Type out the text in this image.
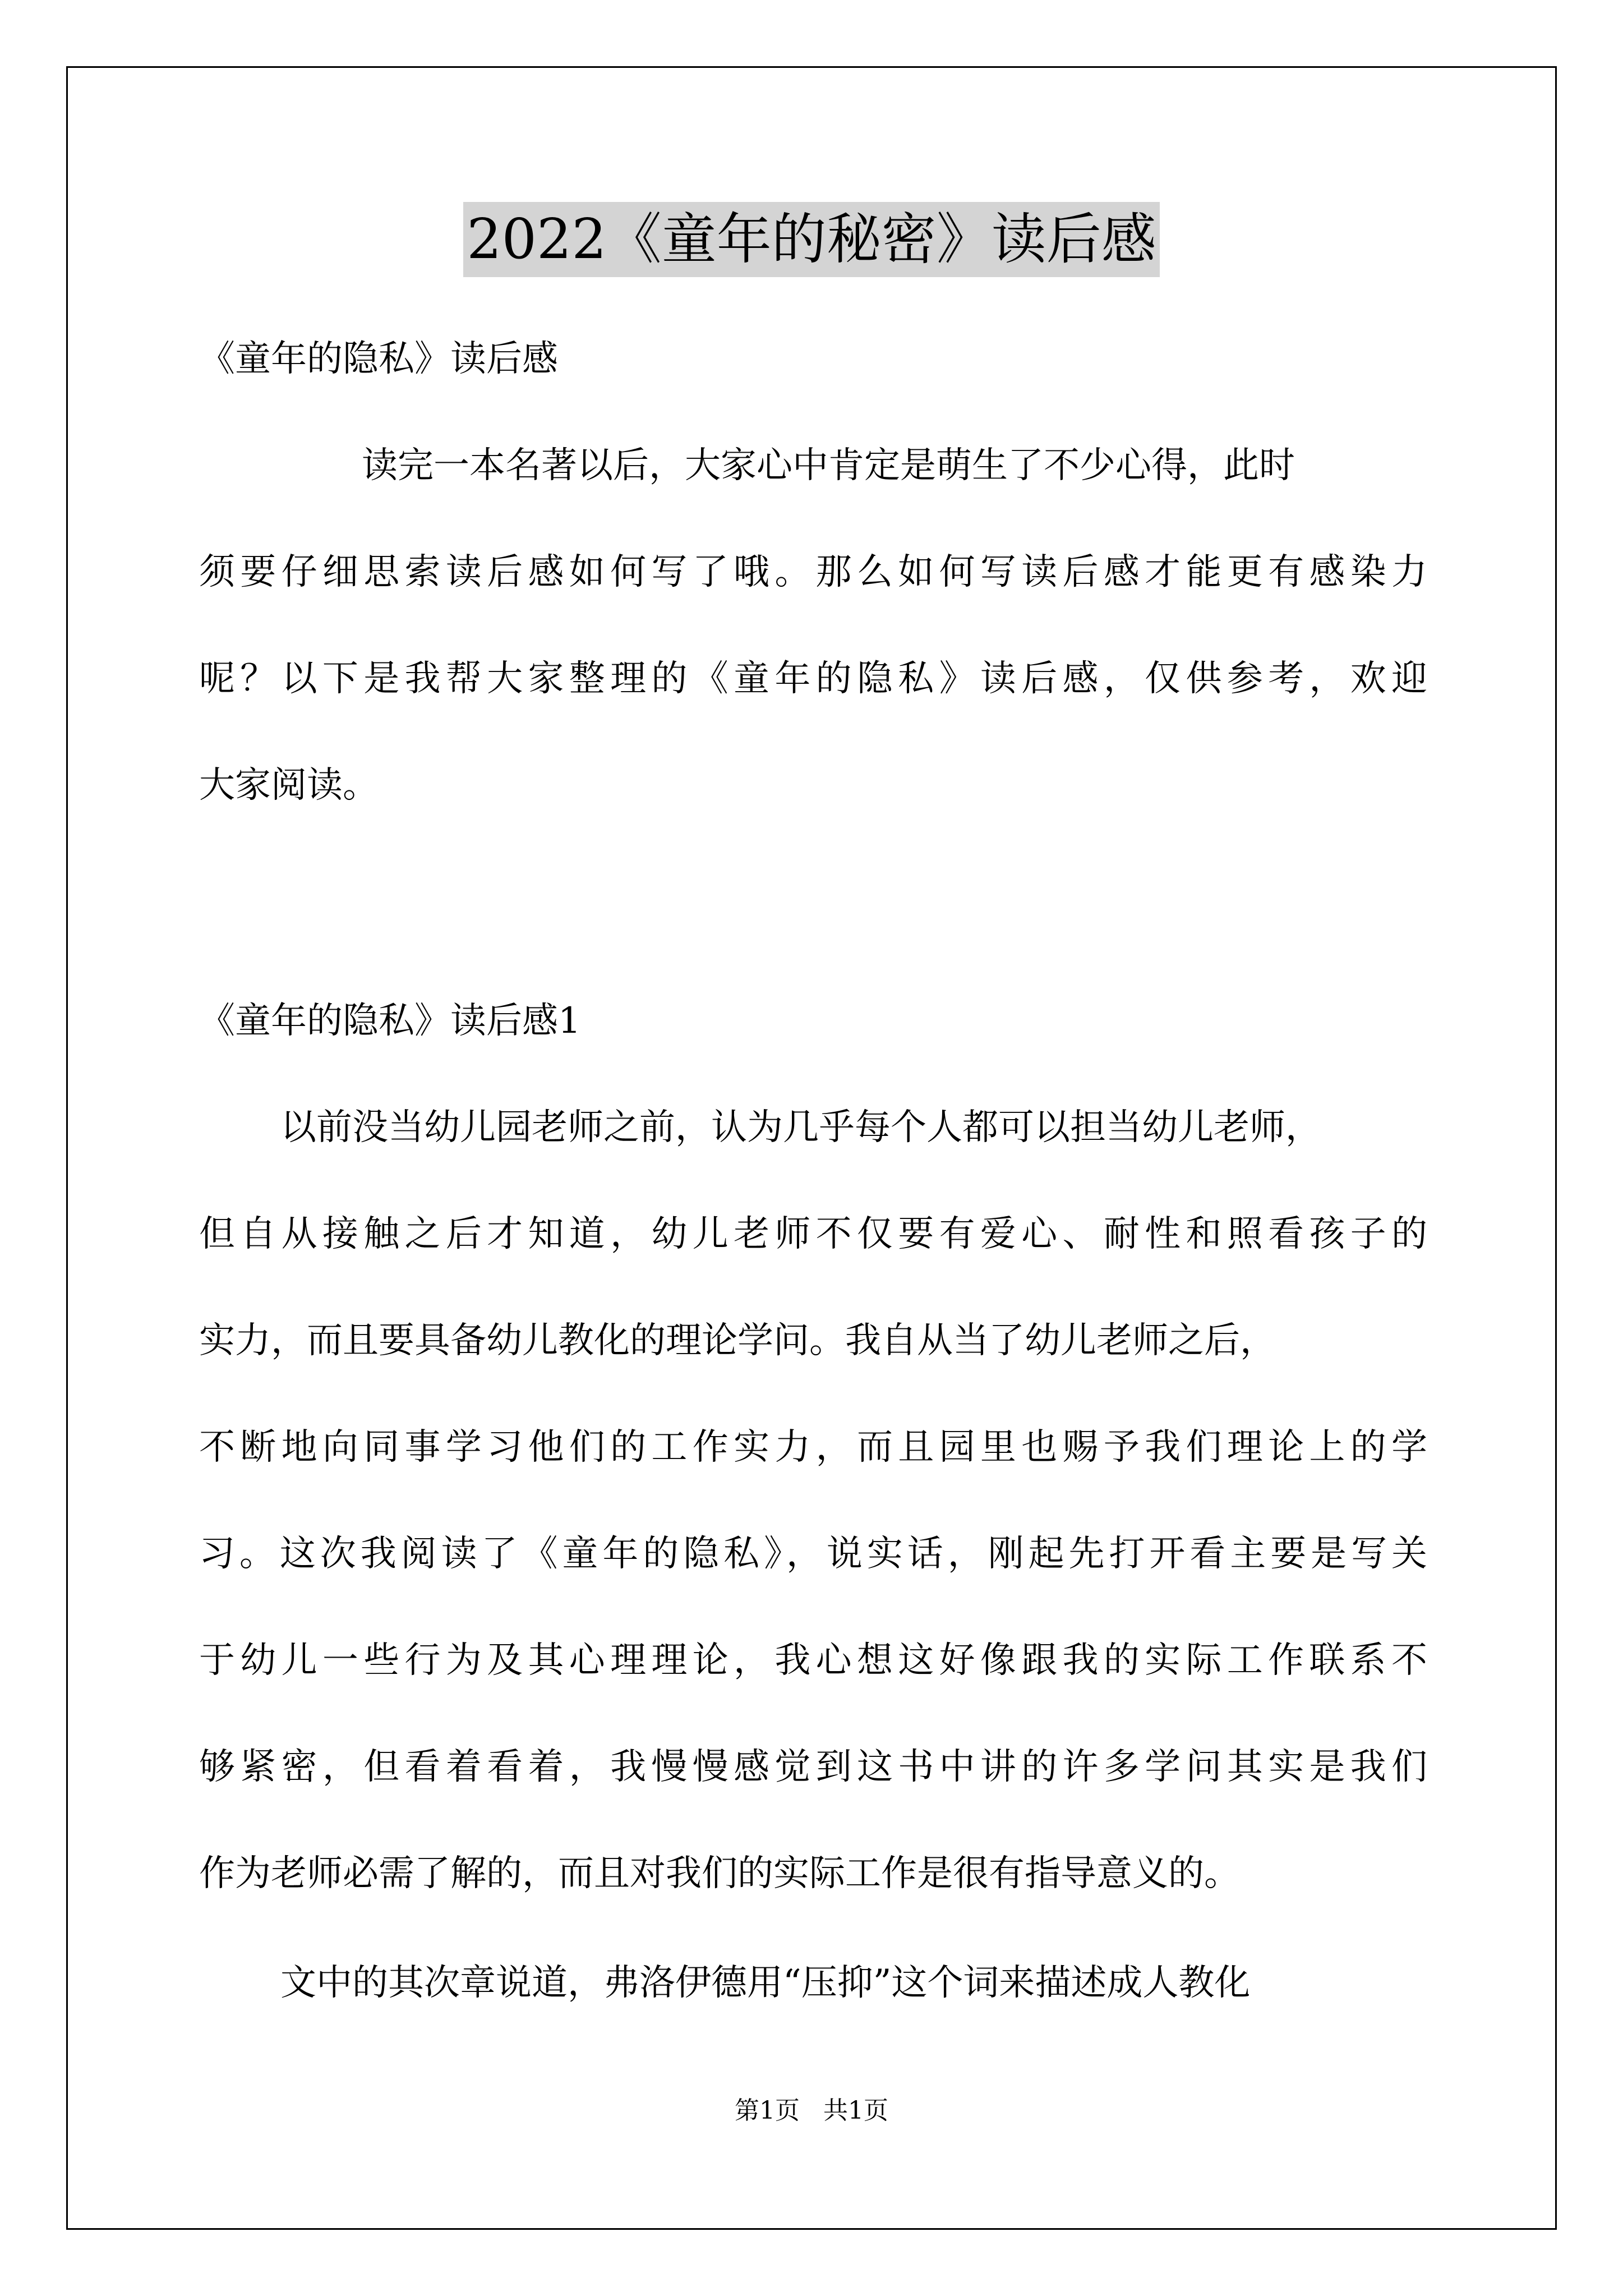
2022《童年的秘密》读后感
《童年的隐私》读后感
读完一本名著以后，大家心中肯定是萌生了不少心得，此时
须要仔细思索读后感如何写了哦。那么如何写读后感才能更有感染力
呢？以下是我帮大家整理的《童年的隐私》读后感，仅供参考，欢迎
大家阅读。
《童年的隐私》读后感1
以前没当幼儿园老师之前，认为几乎每个人都可以担当幼儿老师，
但自从接触之后才知道，幼儿老师不仅要有爱心、耐性和照看孩子的
实力，而且要具备幼儿教化的理论学问。我自从当了幼儿老师之后，
不断地向同事学习他们的工作实力，而且园里也赐予我们理论上的学
习。这次我阅读了《童年的隐私》，说实话，刚起先打开看主要是写关
于幼儿一些行为及其心理理论，我心想这好像跟我的实际工作联系不
够紧密，但看着看着，我慢慢感觉到这书中讲的许多学问其实是我们
作为老师必需了解的，而且对我们的实际工作是很有指导意义的。
文中的其次章说道，弗洛伊德用“压抑”这个词来描述成人教化
第1页   共1页
